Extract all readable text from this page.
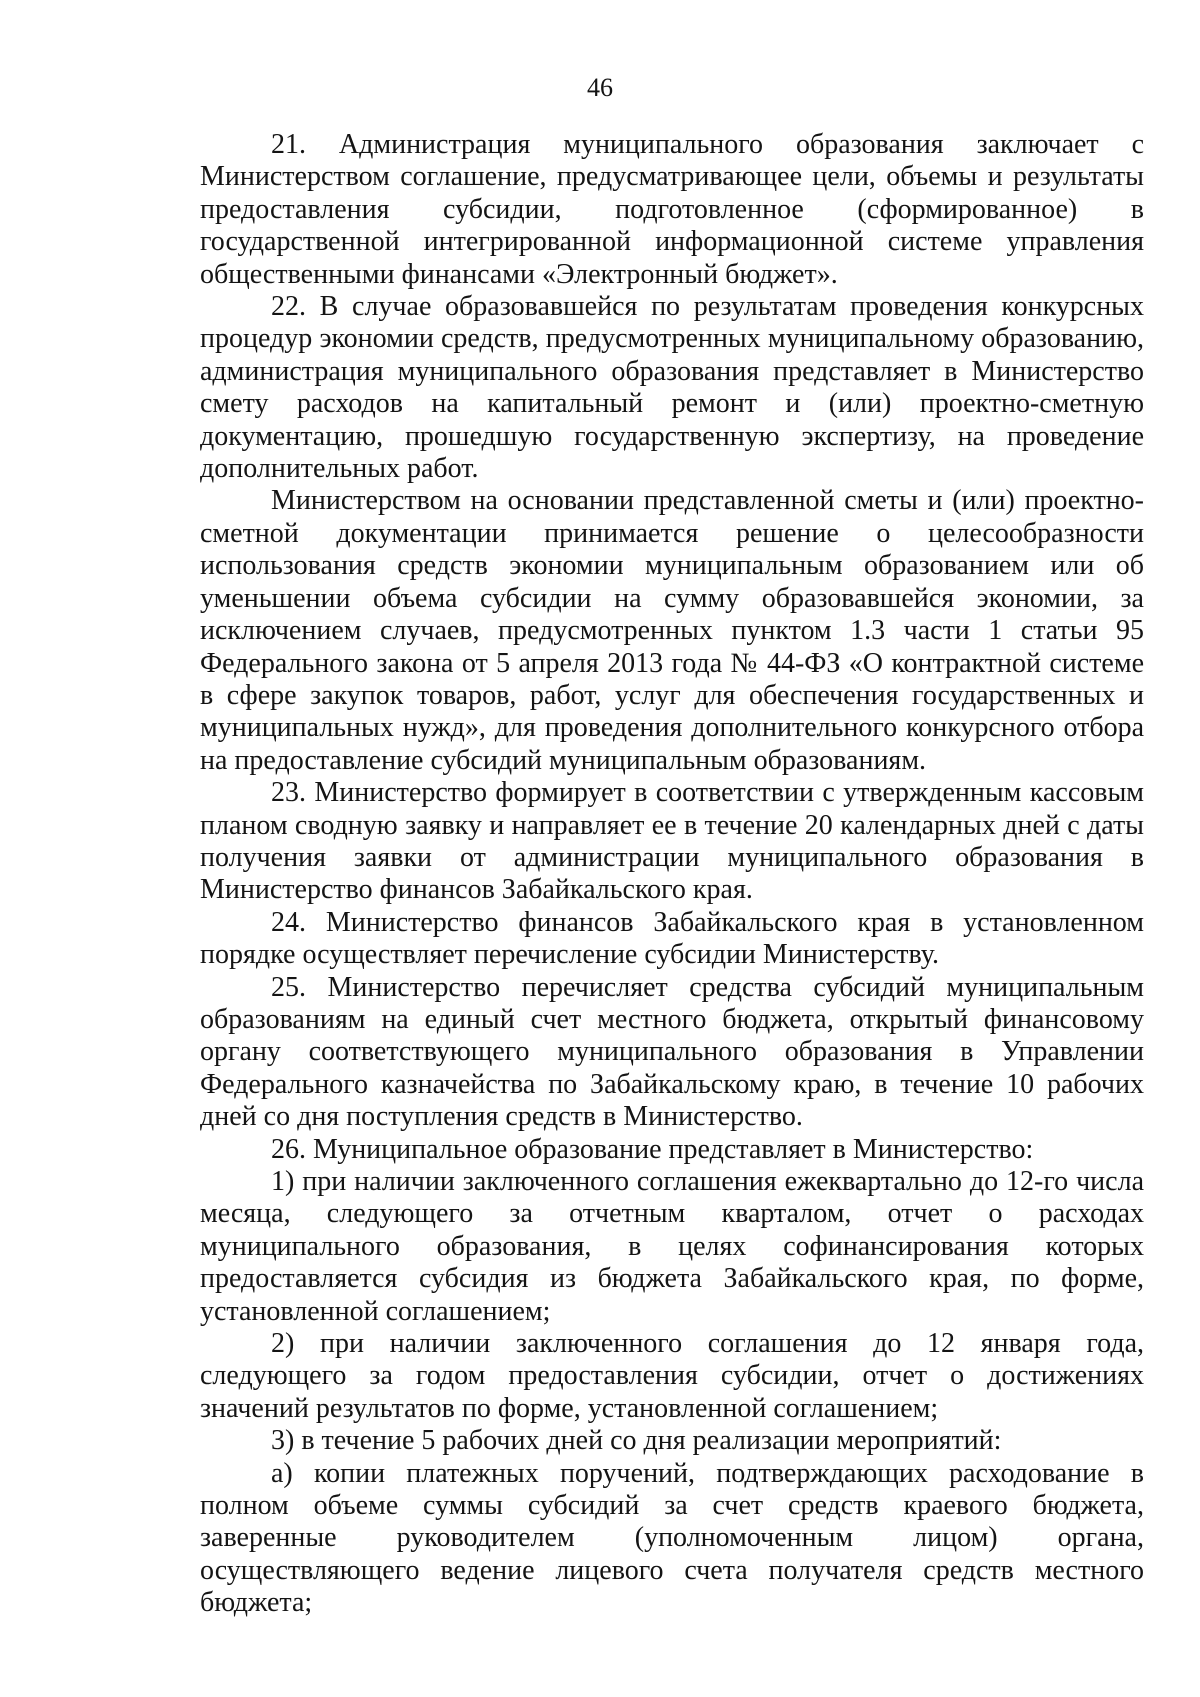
46

21. Администрация муниципального образования заключает с Министерством соглашение, предусматривающее цели, объемы и результаты предоставления субсидии, подготовленное (сформированное) в государственной интегрированной информационной системе управления общественными финансами «Электронный бюджет».

22. В случае образовавшейся по результатам проведения конкурсных процедур экономии средств, предусмотренных муниципальному образованию, администрация муниципального образования представляет в Министерство смету расходов на капитальный ремонт и (или) проектно-сметную документацию, прошедшую государственную экспертизу, на проведение дополнительных работ.

Министерством на основании представленной сметы и (или) проектно-сметной документации принимается решение о целесообразности использования средств экономии муниципальным образованием или об уменьшении объема субсидии на сумму образовавшейся экономии, за исключением случаев, предусмотренных пунктом 1.3 части 1 статьи 95 Федерального закона от 5 апреля 2013 года № 44-ФЗ «О контрактной системе в сфере закупок товаров, работ, услуг для обеспечения государственных и муниципальных нужд», для проведения дополнительного конкурсного отбора на предоставление субсидий муниципальным образованиям.

23. Министерство формирует в соответствии с утвержденным кассовым планом сводную заявку и направляет ее в течение 20 календарных дней с даты получения заявки от администрации муниципального образования в Министерство финансов Забайкальского края.

24. Министерство финансов Забайкальского края в установленном порядке осуществляет перечисление субсидии Министерству.

25. Министерство перечисляет средства субсидий муниципальным образованиям на единый счет местного бюджета, открытый финансовому органу соответствующего муниципального образования в Управлении Федерального казначейства по Забайкальскому краю, в течение 10 рабочих дней со дня поступления средств в Министерство.

26. Муниципальное образование представляет в Министерство:

1) при наличии заключенного соглашения ежеквартально до 12-го числа месяца, следующего за отчетным кварталом, отчет о расходах муниципального образования, в целях софинансирования которых предоставляется субсидия из бюджета Забайкальского края, по форме, установленной соглашением;

2) при наличии заключенного соглашения до 12 января года, следующего за годом предоставления субсидии, отчет о достижениях значений результатов по форме, установленной соглашением;

3) в течение 5 рабочих дней со дня реализации мероприятий:

а) копии платежных поручений, подтверждающих расходование в полном объеме суммы субсидий за счет средств краевого бюджета, заверенные руководителем (уполномоченным лицом) органа, осуществляющего ведение лицевого счета получателя средств местного бюджета;
